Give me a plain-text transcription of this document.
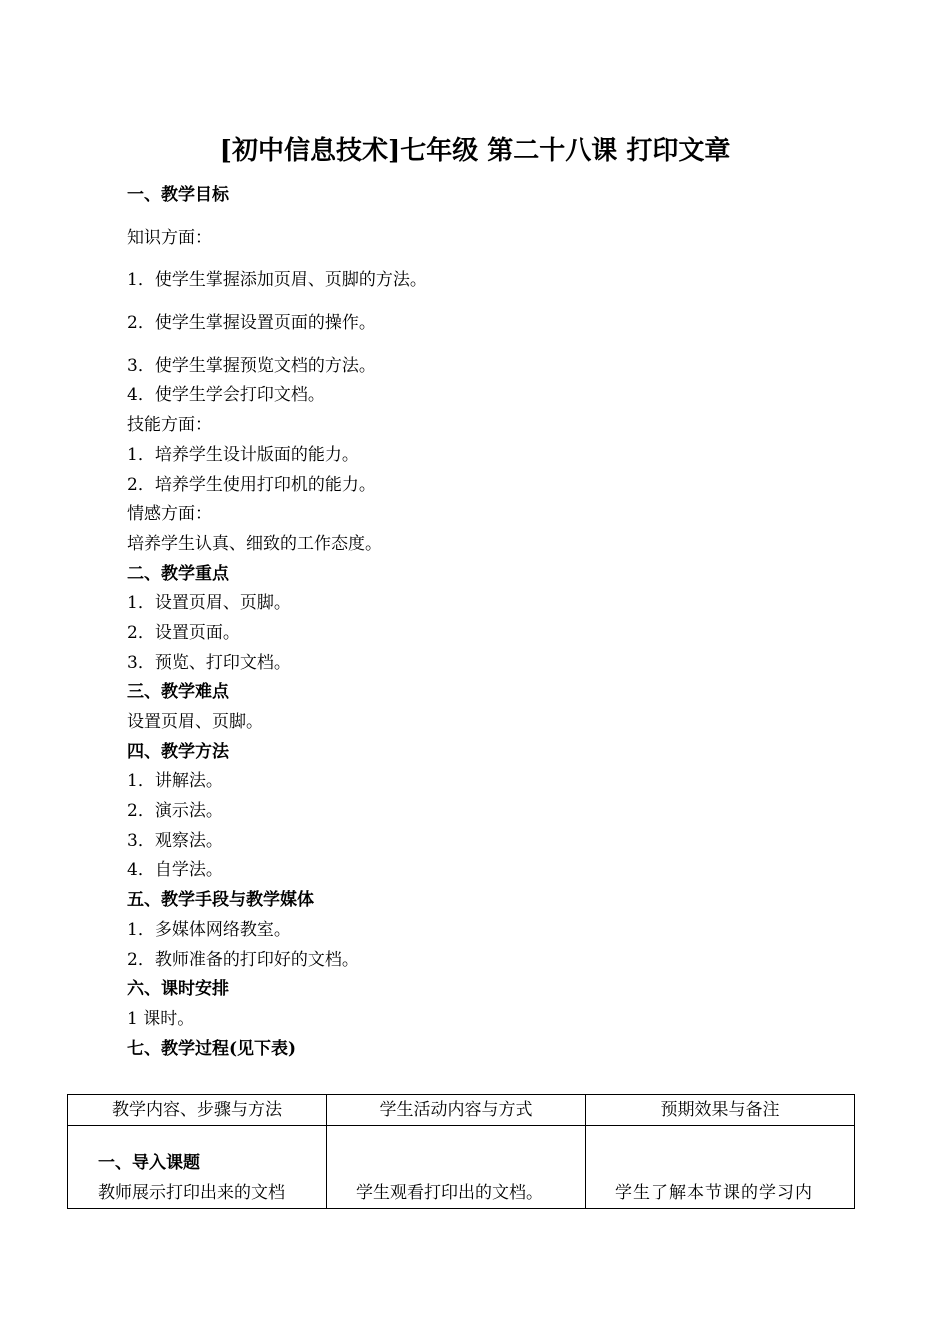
[初中信息技术]七年级 第二十八课 打印文章
一、教学目标
知识方面：
1．使学生掌握添加页眉、页脚的方法。
2．使学生掌握设置页面的操作。
3．使学生掌握预览文档的方法。
4．使学生学会打印文档。
技能方面：
1．培养学生设计版面的能力。
2．培养学生使用打印机的能力。
情感方面：
培养学生认真、细致的工作态度。
二、教学重点
1．设置页眉、页脚。
2．设置页面。
3．预览、打印文档。
三、教学难点
设置页眉、页脚。
四、教学方法
1．讲解法。
2．演示法。
3．观察法。
4．自学法。
五、教学手段与教学媒体
1．多媒体网络教室。
2．教师准备的打印好的文档。
六、课时安排
1 课时。
七、教学过程(见下表)
教学内容、步骤与方法	学生活动内容与方式	预期效果与备注

一、导入课题
教师展示打印出来的文档	学生观看打印出的文档。	学生了解本节课的学习内
